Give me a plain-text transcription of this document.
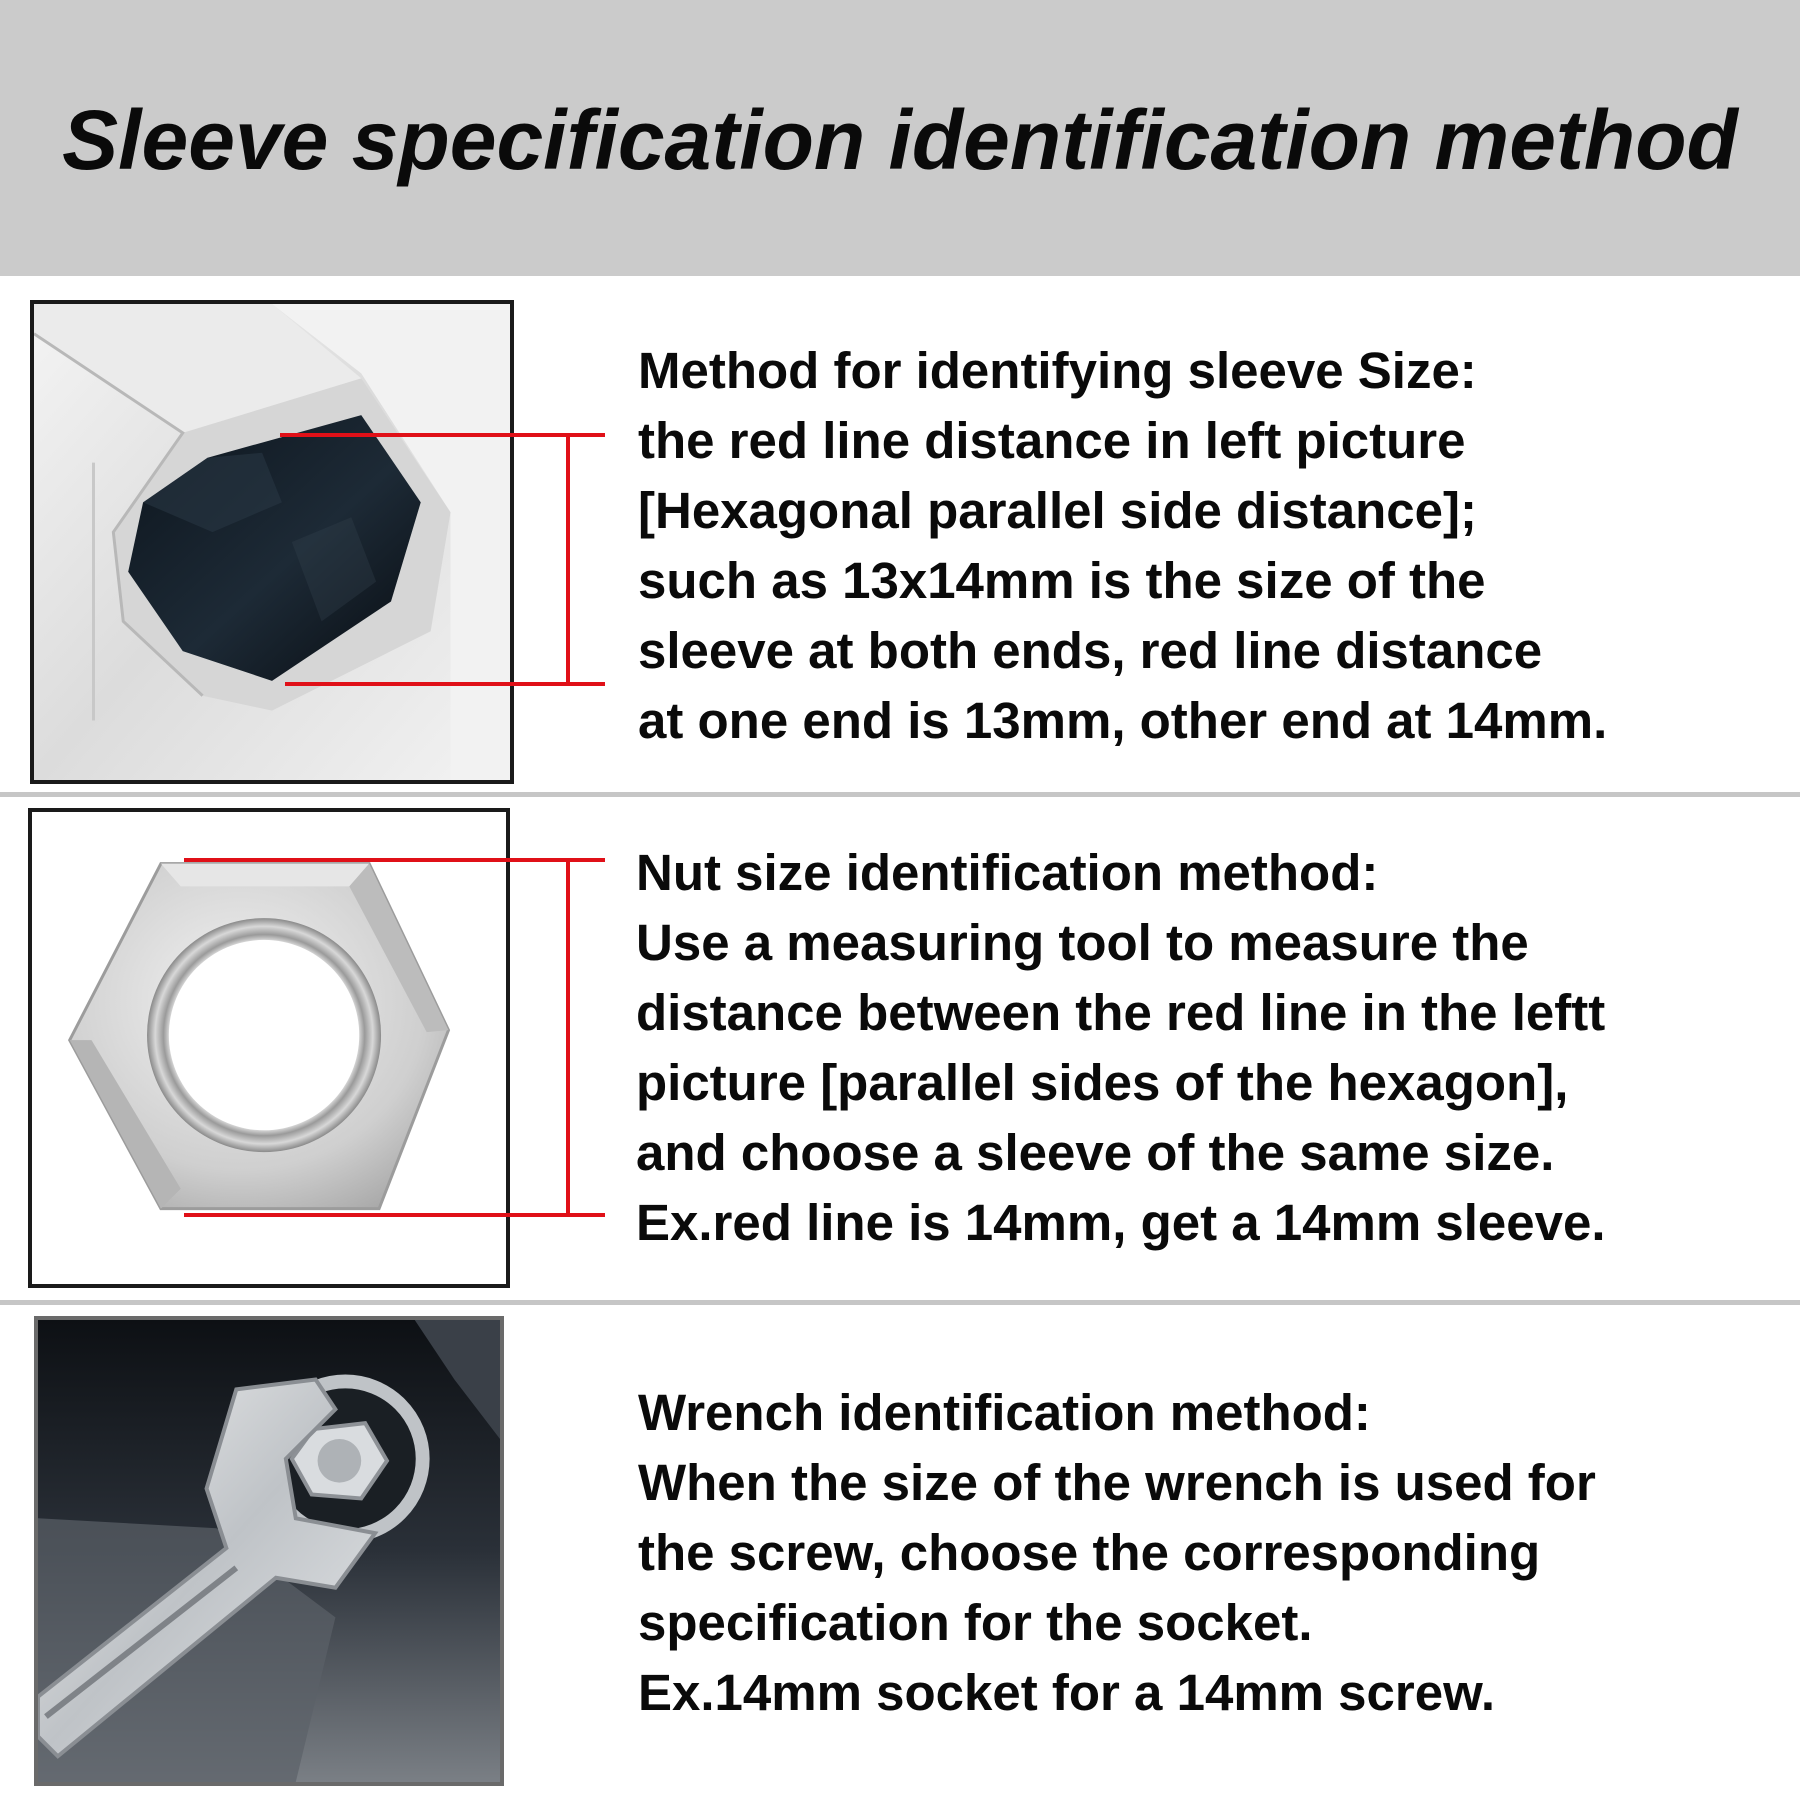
Sleeve specification identification method
Method for identifying sleeve Size:
the red line distance in left picture
[Hexagonal parallel side distance];
such as 13x14mm is the size of the
sleeve at both ends, red line distance
at one end is 13mm, other end at 14mm.
Nut size identification method:
Use a measuring tool to measure the
distance between the red line in the leftt
picture [parallel sides of the hexagon],
and choose a sleeve of the same size.
Ex.red line is 14mm, get a 14mm sleeve.
Wrench identification method:
When the size of the wrench is used for
the screw, choose the corresponding
specification for the socket.
Ex.14mm socket for a 14mm screw.
